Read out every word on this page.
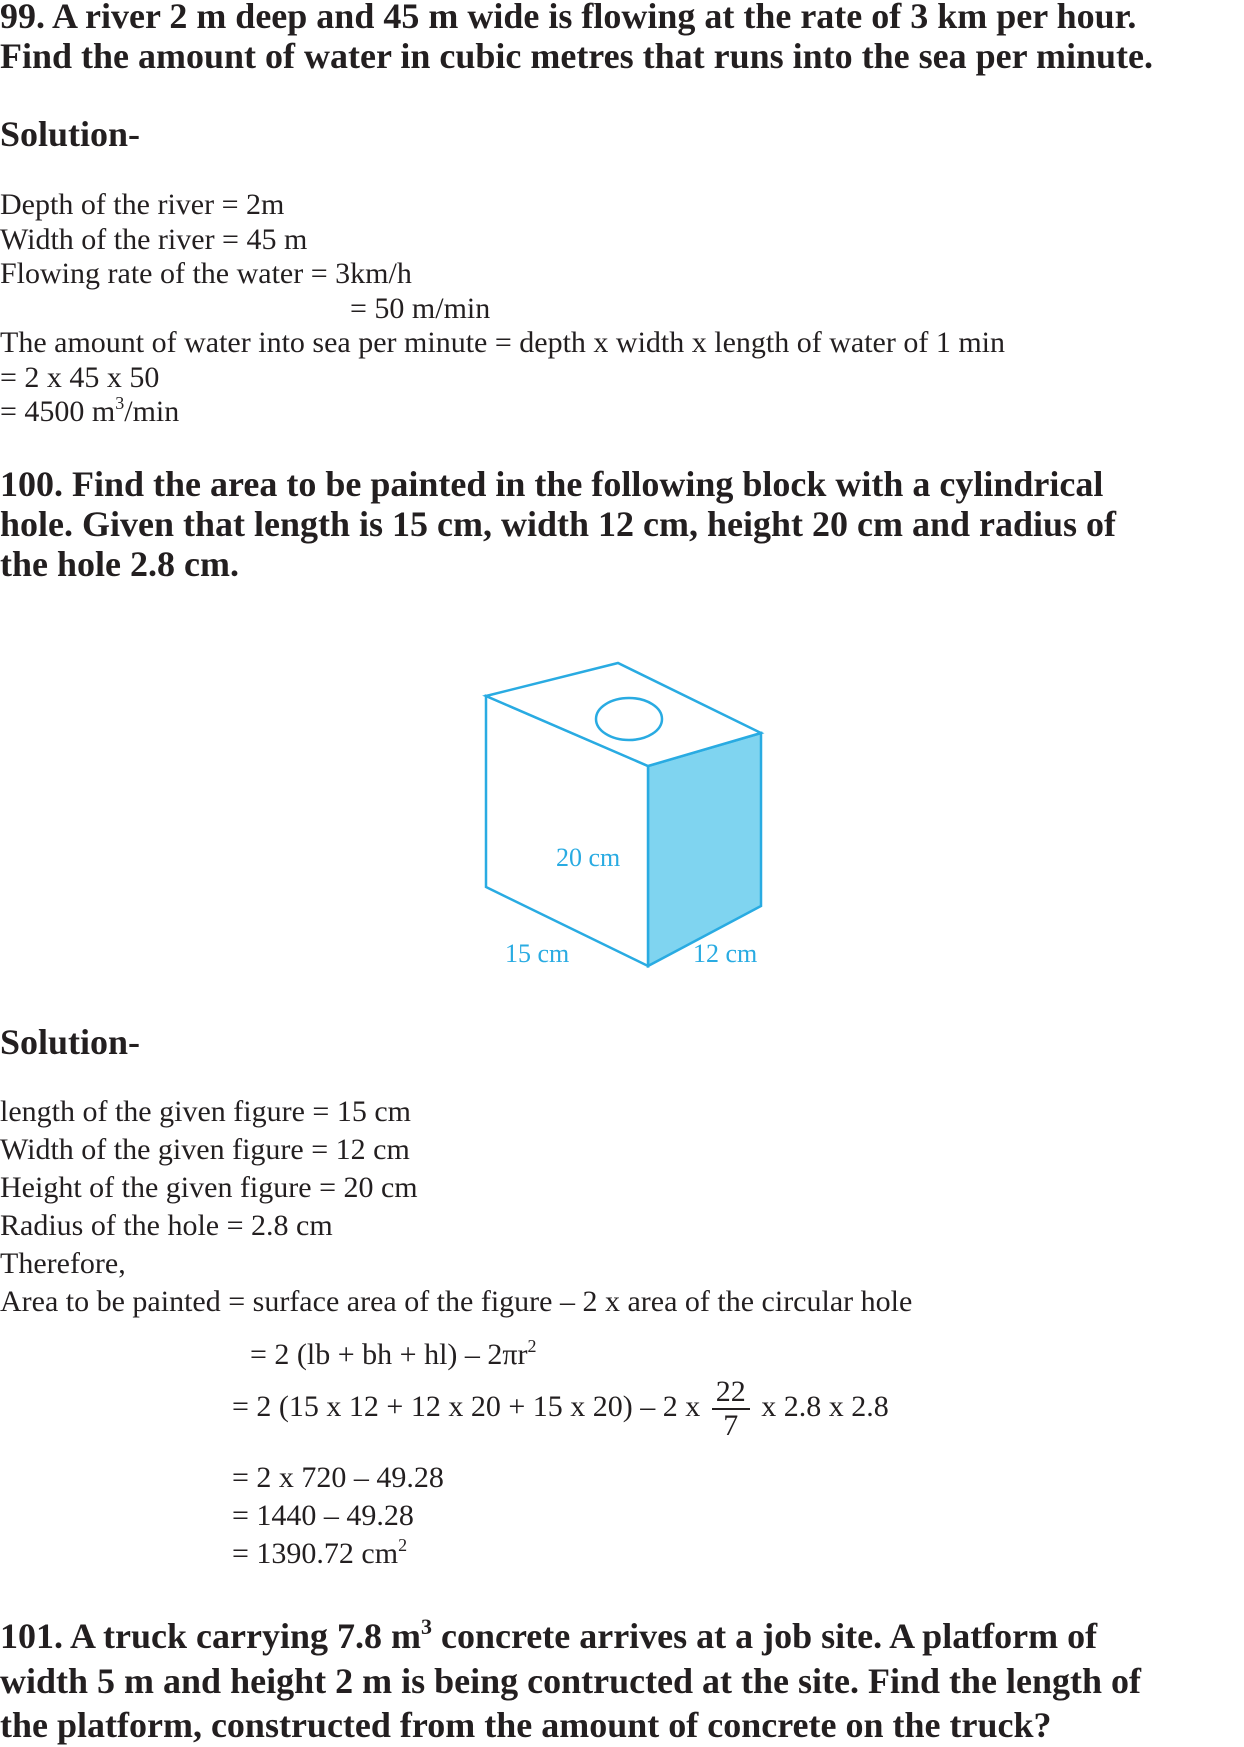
99. A river 2 m deep and 45 m wide is flowing at the rate of 3 km per hour.

Find the amount of water in cubic metres that runs into the sea per minute.

Solution-

Depth of the river = 2m

Width of the river = 45 m

Flowing rate of the water = 3km/h

= 50 m/min

The amount of water into sea per minute = depth x width x length of water of 1 min

= 2 x 45 x 50

= 4500 $m^3/\min$

100. Find the area to be painted in the following block with a cylindrical

hole. Given that length is 15 cm, width 12 cm, height 20 cm and radius of

the hole 2.8 cm.

20 cm
15 cm	12 cm

Solution-

length of the given figure = 15 cm

Width of the given figure = 12 cm

Height of the given figure = 20 cm

Radius of the hole = 2.8 cm

Therefore,

Area to be painted = surface area of the figure – 2 x area of the circular hole

= 2 (lb + bh + $hl) - 2\pi r^2$

= 2 (15 x 12 + 12 x 20 + 15 x 20) – 2 x $\frac{22}{7}$ x 2.8 x 2.8

= 2 x 720 – 49.28

= 1440 – 49.28

= 1390.72 $cm^2$

101. A truck carrying 7.8 $m^3$ concrete arrives at a job site. A platform of

width 5 m and height 2 m is being contructed at the site. Find the length of

the platform, constructed from the amount of concrete on the truck?
